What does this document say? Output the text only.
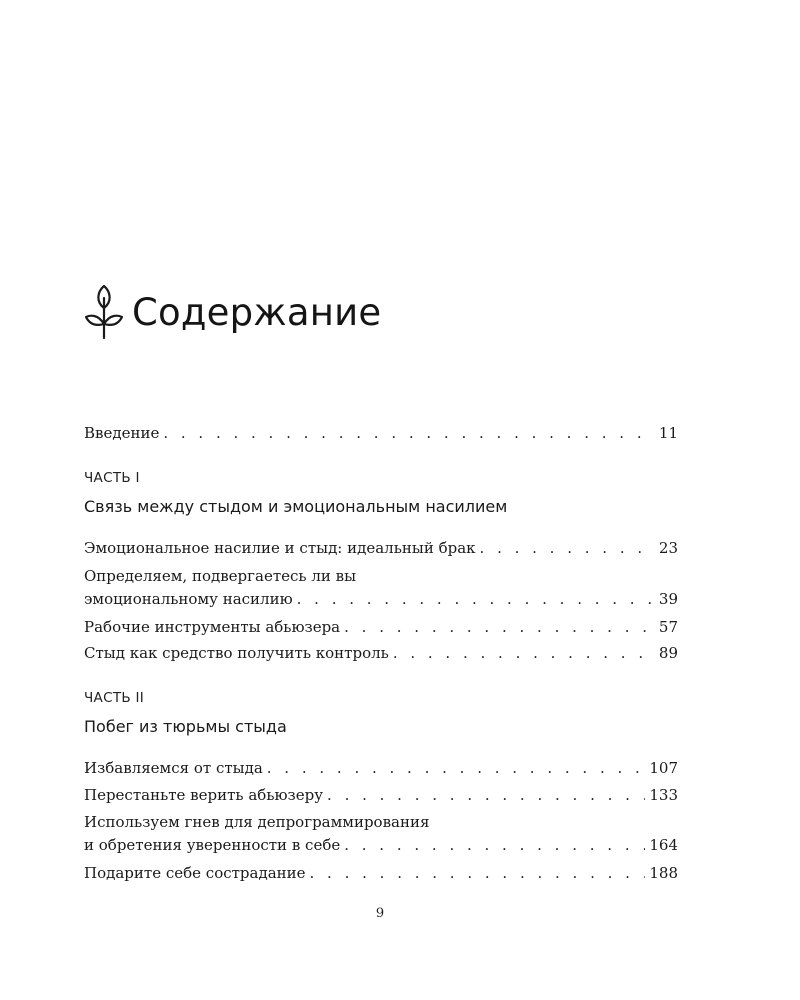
Содержание
Введение . . .	11
ЧАСТЬ I
Связь между стыдом и эмоциональным насилием
Эмоциональное насилие и стыд: идеальный брак . . .	23
Определяем, подвергаетесь ли вы
эмоциональному насилию . . .	39
Рабочие инструменты абьюзера . . .	57
Стыд как средство получить контроль . . .	89
ЧАСТЬ II
Побег из тюрьмы стыда
Избавляемся от стыда . . .	107
Перестаньте верить абьюзеру . . .	133
Используем гнев для депрограммирования
и обретения уверенности в себе . . .	164
Подарите себе сострадание . . .	188
9
